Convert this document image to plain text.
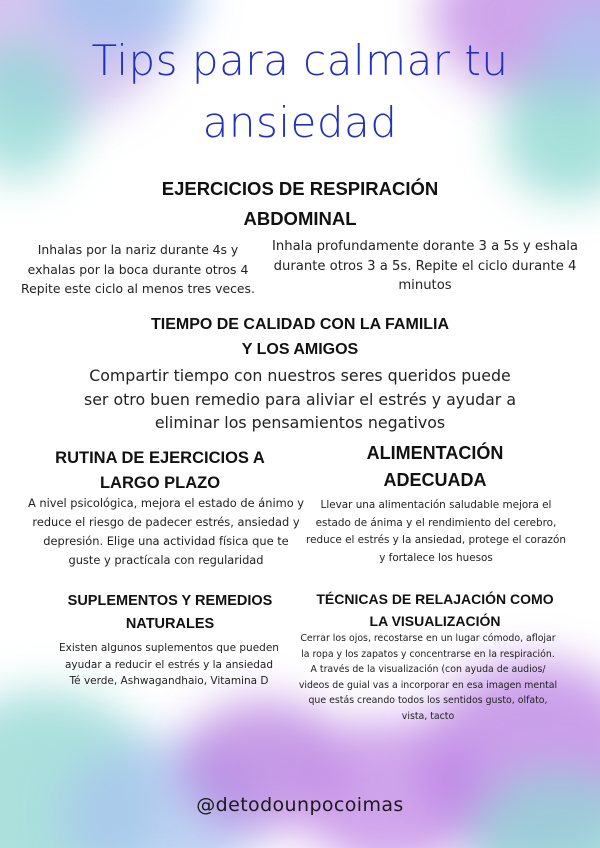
Tips para calmar tu
ansiedad
EJERCICIOS DE RESPIRACIÓN
ABDOMINAL
Inhalas por la nariz durante 4s y exhalas por la boca durante otros 4 Repite este ciclo al menos tres veces.
Inhala profundamente dorante 3 a 5s y eshala durante otros 3 a 5s. Repite el ciclo durante 4 minutos
TIEMPO DE CALIDAD CON LA FAMILIA
Y LOS AMIGOS
Compartir tiempo con nuestros seres queridos puede ser otro buen remedio para aliviar el estrés y ayudar a eliminar los pensamientos negativos
RUTINA DE EJERCICIOS A
LARGO PLAZO
A nivel psicológica, mejora el estado de ánimo y reduce el riesgo de padecer estrés, ansiedad y depresión. Elige una actividad física que te guste y practícala con regularidad
ALIMENTACIÓN
ADECUADA
Llevar una alimentación saludable mejora el estado de ánima y el rendimiento del cerebro, reduce el estrés y la ansiedad, protege el corazón y fortalece los huesos
SUPLEMENTOS Y REMEDIOS
NATURALES
Existen algunos suplementos que pueden ayudar a reducir el estrés y la ansiedad Té verde, Ashwagandhaio, Vitamina D
TÉCNICAS DE RELAJACIÓN COMO
LA VISUALIZACIÓN
Cerrar los ojos, recostarse en un lugar cómodo, aflojar la ropa y los zapatos y concentrarse en la respiración. A través de la visualización (con ayuda de audios/ videos de guial vas a incorporar en esa imagen mental que estás creando todos los sentidos gusto, olfato, vista, tacto
@detodounpocoimas
